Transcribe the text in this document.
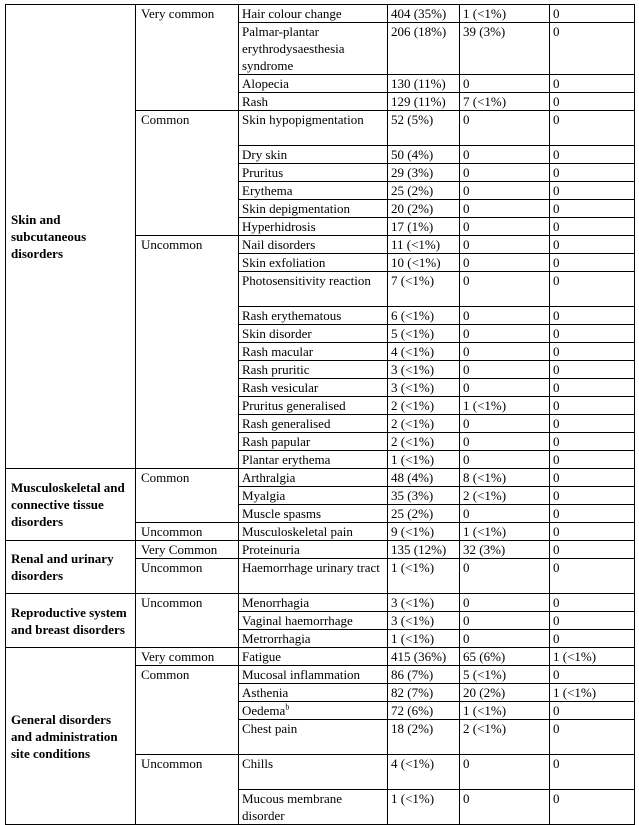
Skin and subcutaneous disorders	Very common	Hair colour change	404 (35%)	1 (<1%)	0
		Palmar-plantar erythrodysaesthesia syndrome	206 (18%)	39 (3%)	0
		Alopecia	130 (11%)	0	0
		Rash	129 (11%)	7 (<1%)	0
	Common	Skin hypopigmentation	52 (5%)	0	0
		Dry skin	50 (4%)	0	0
		Pruritus	29 (3%)	0	0
		Erythema	25 (2%)	0	0
		Skin depigmentation	20 (2%)	0	0
		Hyperhidrosis	17 (1%)	0	0
	Uncommon	Nail disorders	11 (<1%)	0	0
		Skin exfoliation	10 (<1%)	0	0
		Photosensitivity reaction	7 (<1%)	0	0
		Rash erythematous	6 (<1%)	0	0
		Skin disorder	5 (<1%)	0	0
		Rash macular	4 (<1%)	0	0
		Rash pruritic	3 (<1%)	0	0
		Rash vesicular	3 (<1%)	0	0
		Pruritus generalised	2 (<1%)	1 (<1%)	0
		Rash generalised	2 (<1%)	0	0
		Rash papular	2 (<1%)	0	0
		Plantar erythema	1 (<1%)	0	0
Musculoskeletal and connective tissue disorders	Common	Arthralgia	48 (4%)	8 (<1%)	0
		Myalgia	35 (3%)	2 (<1%)	0
		Muscle spasms	25 (2%)	0	0
	Uncommon	Musculoskeletal pain	9 (<1%)	1 (<1%)	0
Renal and urinary disorders	Very Common	Proteinuria	135 (12%)	32 (3%)	0
	Uncommon	Haemorrhage urinary tract	1 (<1%)	0	0
Reproductive system and breast disorders	Uncommon	Menorrhagia	3 (<1%)	0	0
		Vaginal haemorrhage	3 (<1%)	0	0
		Metrorrhagia	1 (<1%)	0	0
General disorders and administration site conditions	Very common	Fatigue	415 (36%)	65 (6%)	1 (<1%)
	Common	Mucosal inflammation	86 (7%)	5 (<1%)	0
		Asthenia	82 (7%)	20 (2%)	1 (<1%)
		Oedema$^b$	72 (6%)	1 (<1%)	0
		Chest pain	18 (2%)	2 (<1%)	0
	Uncommon	Chills	4 (<1%)	0	0
		Mucous membrane disorder	1 (<1%)	0	0
